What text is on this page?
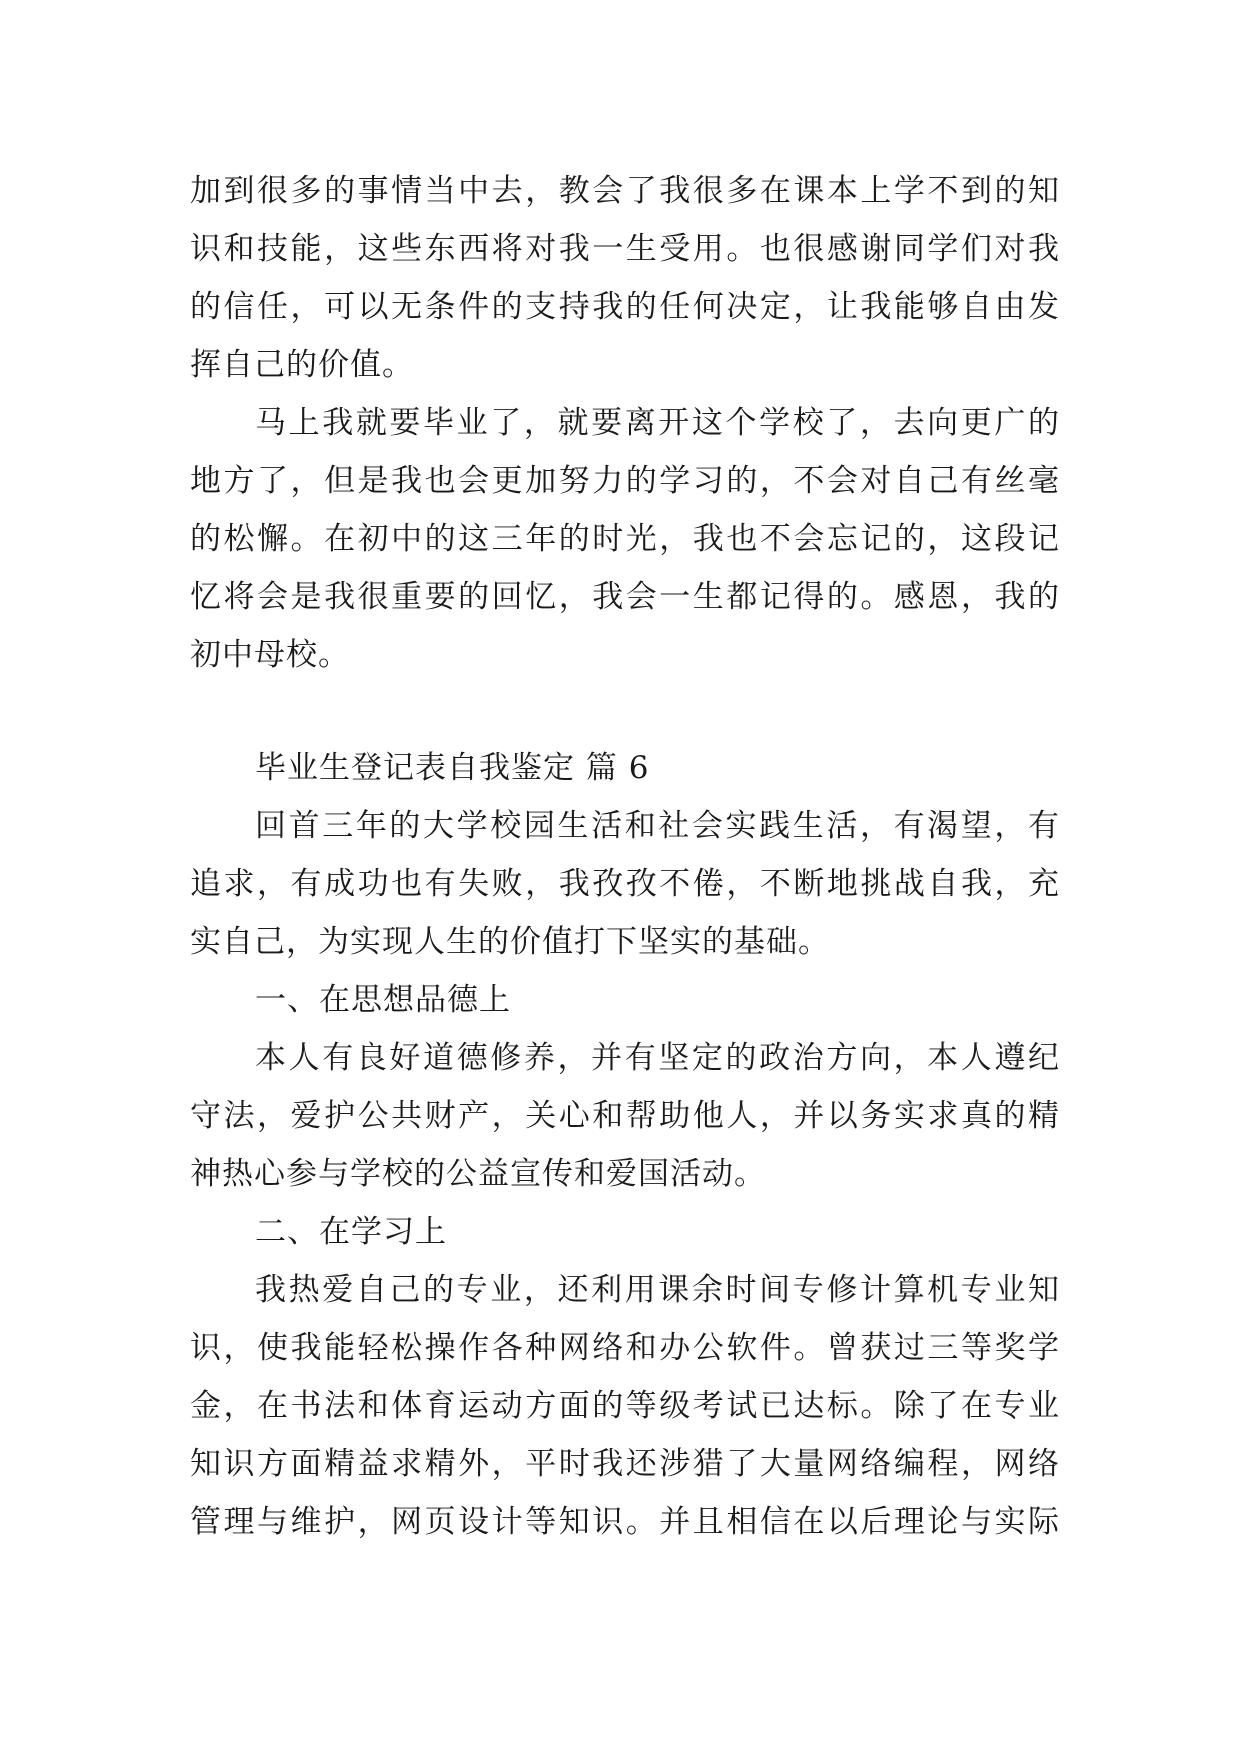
加到很多的事情当中去，教会了我很多在课本上学不到的知
识和技能，这些东西将对我一生受用。也很感谢同学们对我
的信任，可以无条件的支持我的任何决定，让我能够自由发
挥自己的价值。
马上我就要毕业了，就要离开这个学校了，去向更广的
地方了，但是我也会更加努力的学习的，不会对自己有丝毫
的松懈。在初中的这三年的时光，我也不会忘记的，这段记
忆将会是我很重要的回忆，我会一生都记得的。感恩，我的
初中母校。
毕业生登记表自我鉴定 篇 6
回首三年的大学校园生活和社会实践生活，有渴望，有
追求，有成功也有失败，我孜孜不倦，不断地挑战自我，充
实自己，为实现人生的价值打下坚实的基础。
一、在思想品德上
本人有良好道德修养，并有坚定的政治方向，本人遵纪
守法，爱护公共财产，关心和帮助他人，并以务实求真的精
神热心参与学校的公益宣传和爱国活动。
二、在学习上
我热爱自己的专业，还利用课余时间专修计算机专业知
识，使我能轻松操作各种网络和办公软件。曾获过三等奖学
金，在书法和体育运动方面的等级考试已达标。除了在专业
知识方面精益求精外，平时我还涉猎了大量网络编程，网络
管理与维护，网页设计等知识。并且相信在以后理论与实际
